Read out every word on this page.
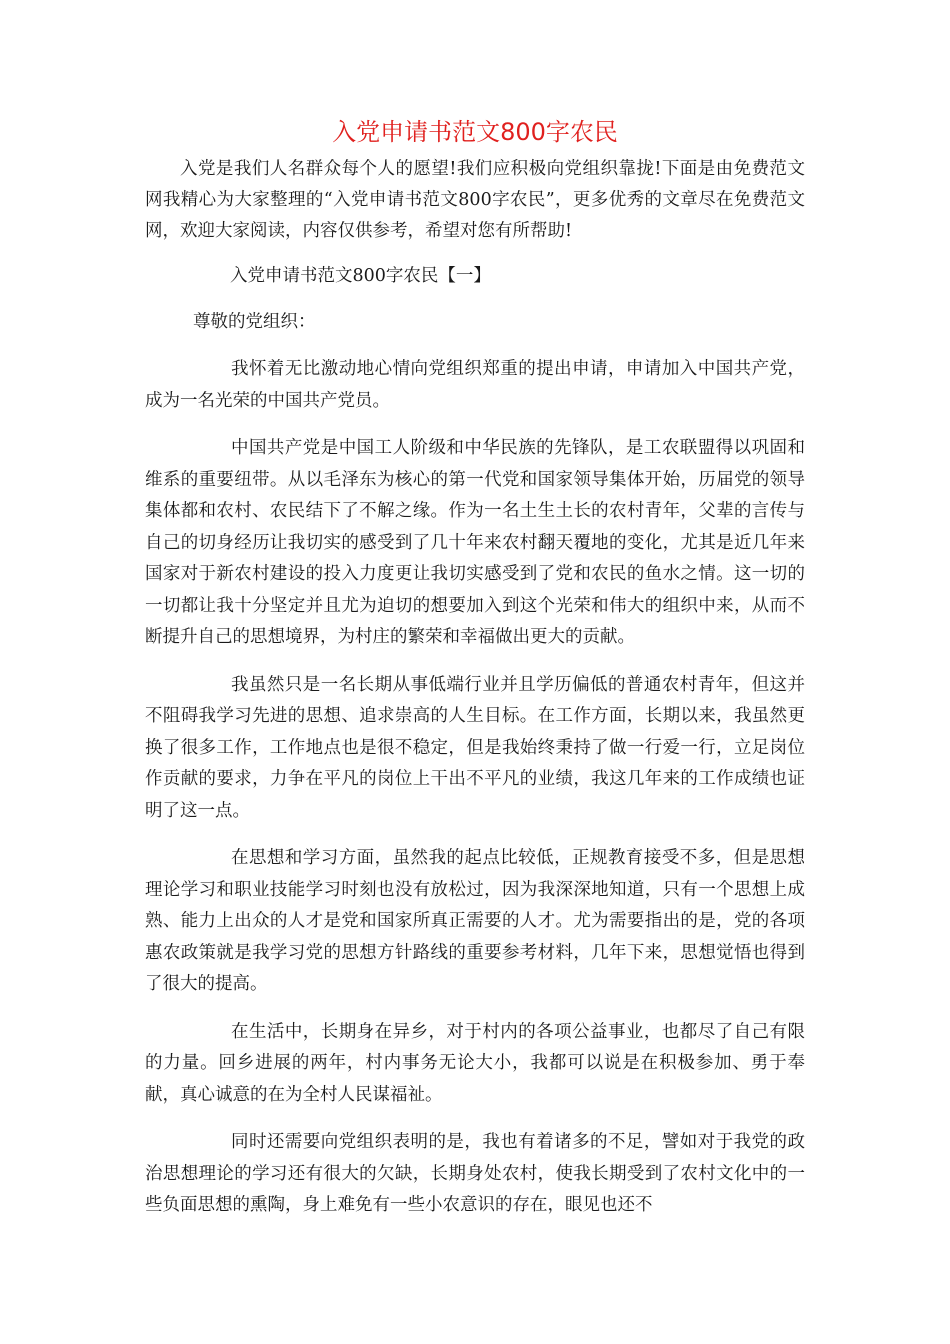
入党申请书范文800字农民

入党是我们人名群众每个人的愿望!我们应积极向党组织靠拢!下面是由免费范文网我精心为大家整理的“入党申请书范文800字农民”，更多优秀的文章尽在免费范文网，欢迎大家阅读，内容仅供参考，希望对您有所帮助!

入党申请书范文800字农民【一】

尊敬的党组织：

我怀着无比激动地心情向党组织郑重的提出申请，申请加入中国共产党，成为一名光荣的中国共产党员。

中国共产党是中国工人阶级和中华民族的先锋队，是工农联盟得以巩固和维系的重要纽带。从以毛泽东为核心的第一代党和国家领导集体开始，历届党的领导集体都和农村、农民结下了不解之缘。作为一名土生土长的农村青年，父辈的言传与自己的切身经历让我切实的感受到了几十年来农村翻天覆地的变化，尤其是近几年来国家对于新农村建设的投入力度更让我切实感受到了党和农民的鱼水之情。这一切的一切都让我十分坚定并且尤为迫切的想要加入到这个光荣和伟大的组织中来，从而不断提升自己的思想境界，为村庄的繁荣和幸福做出更大的贡献。

我虽然只是一名长期从事低端行业并且学历偏低的普通农村青年，但这并不阻碍我学习先进的思想、追求崇高的人生目标。在工作方面，长期以来，我虽然更换了很多工作，工作地点也是很不稳定，但是我始终秉持了做一行爱一行，立足岗位作贡献的要求，力争在平凡的岗位上干出不平凡的业绩，我这几年来的工作成绩也证明了这一点。

在思想和学习方面，虽然我的起点比较低，正规教育接受不多，但是思想理论学习和职业技能学习时刻也没有放松过，因为我深深地知道，只有一个思想上成熟、能力上出众的人才是党和国家所真正需要的人才。尤为需要指出的是，党的各项惠农政策就是我学习党的思想方针路线的重要参考材料，几年下来，思想觉悟也得到了很大的提高。

在生活中，长期身在异乡，对于村内的各项公益事业，也都尽了自己有限的力量。回乡进展的两年，村内事务无论大小，我都可以说是在积极参加、勇于奉献，真心诚意的在为全村人民谋福祉。

同时还需要向党组织表明的是，我也有着诸多的不足，譬如对于我党的政治思想理论的学习还有很大的欠缺，长期身处农村，使我长期受到了农村文化中的一些负面思想的熏陶，身上难免有一些小农意识的存在，眼见也还不
